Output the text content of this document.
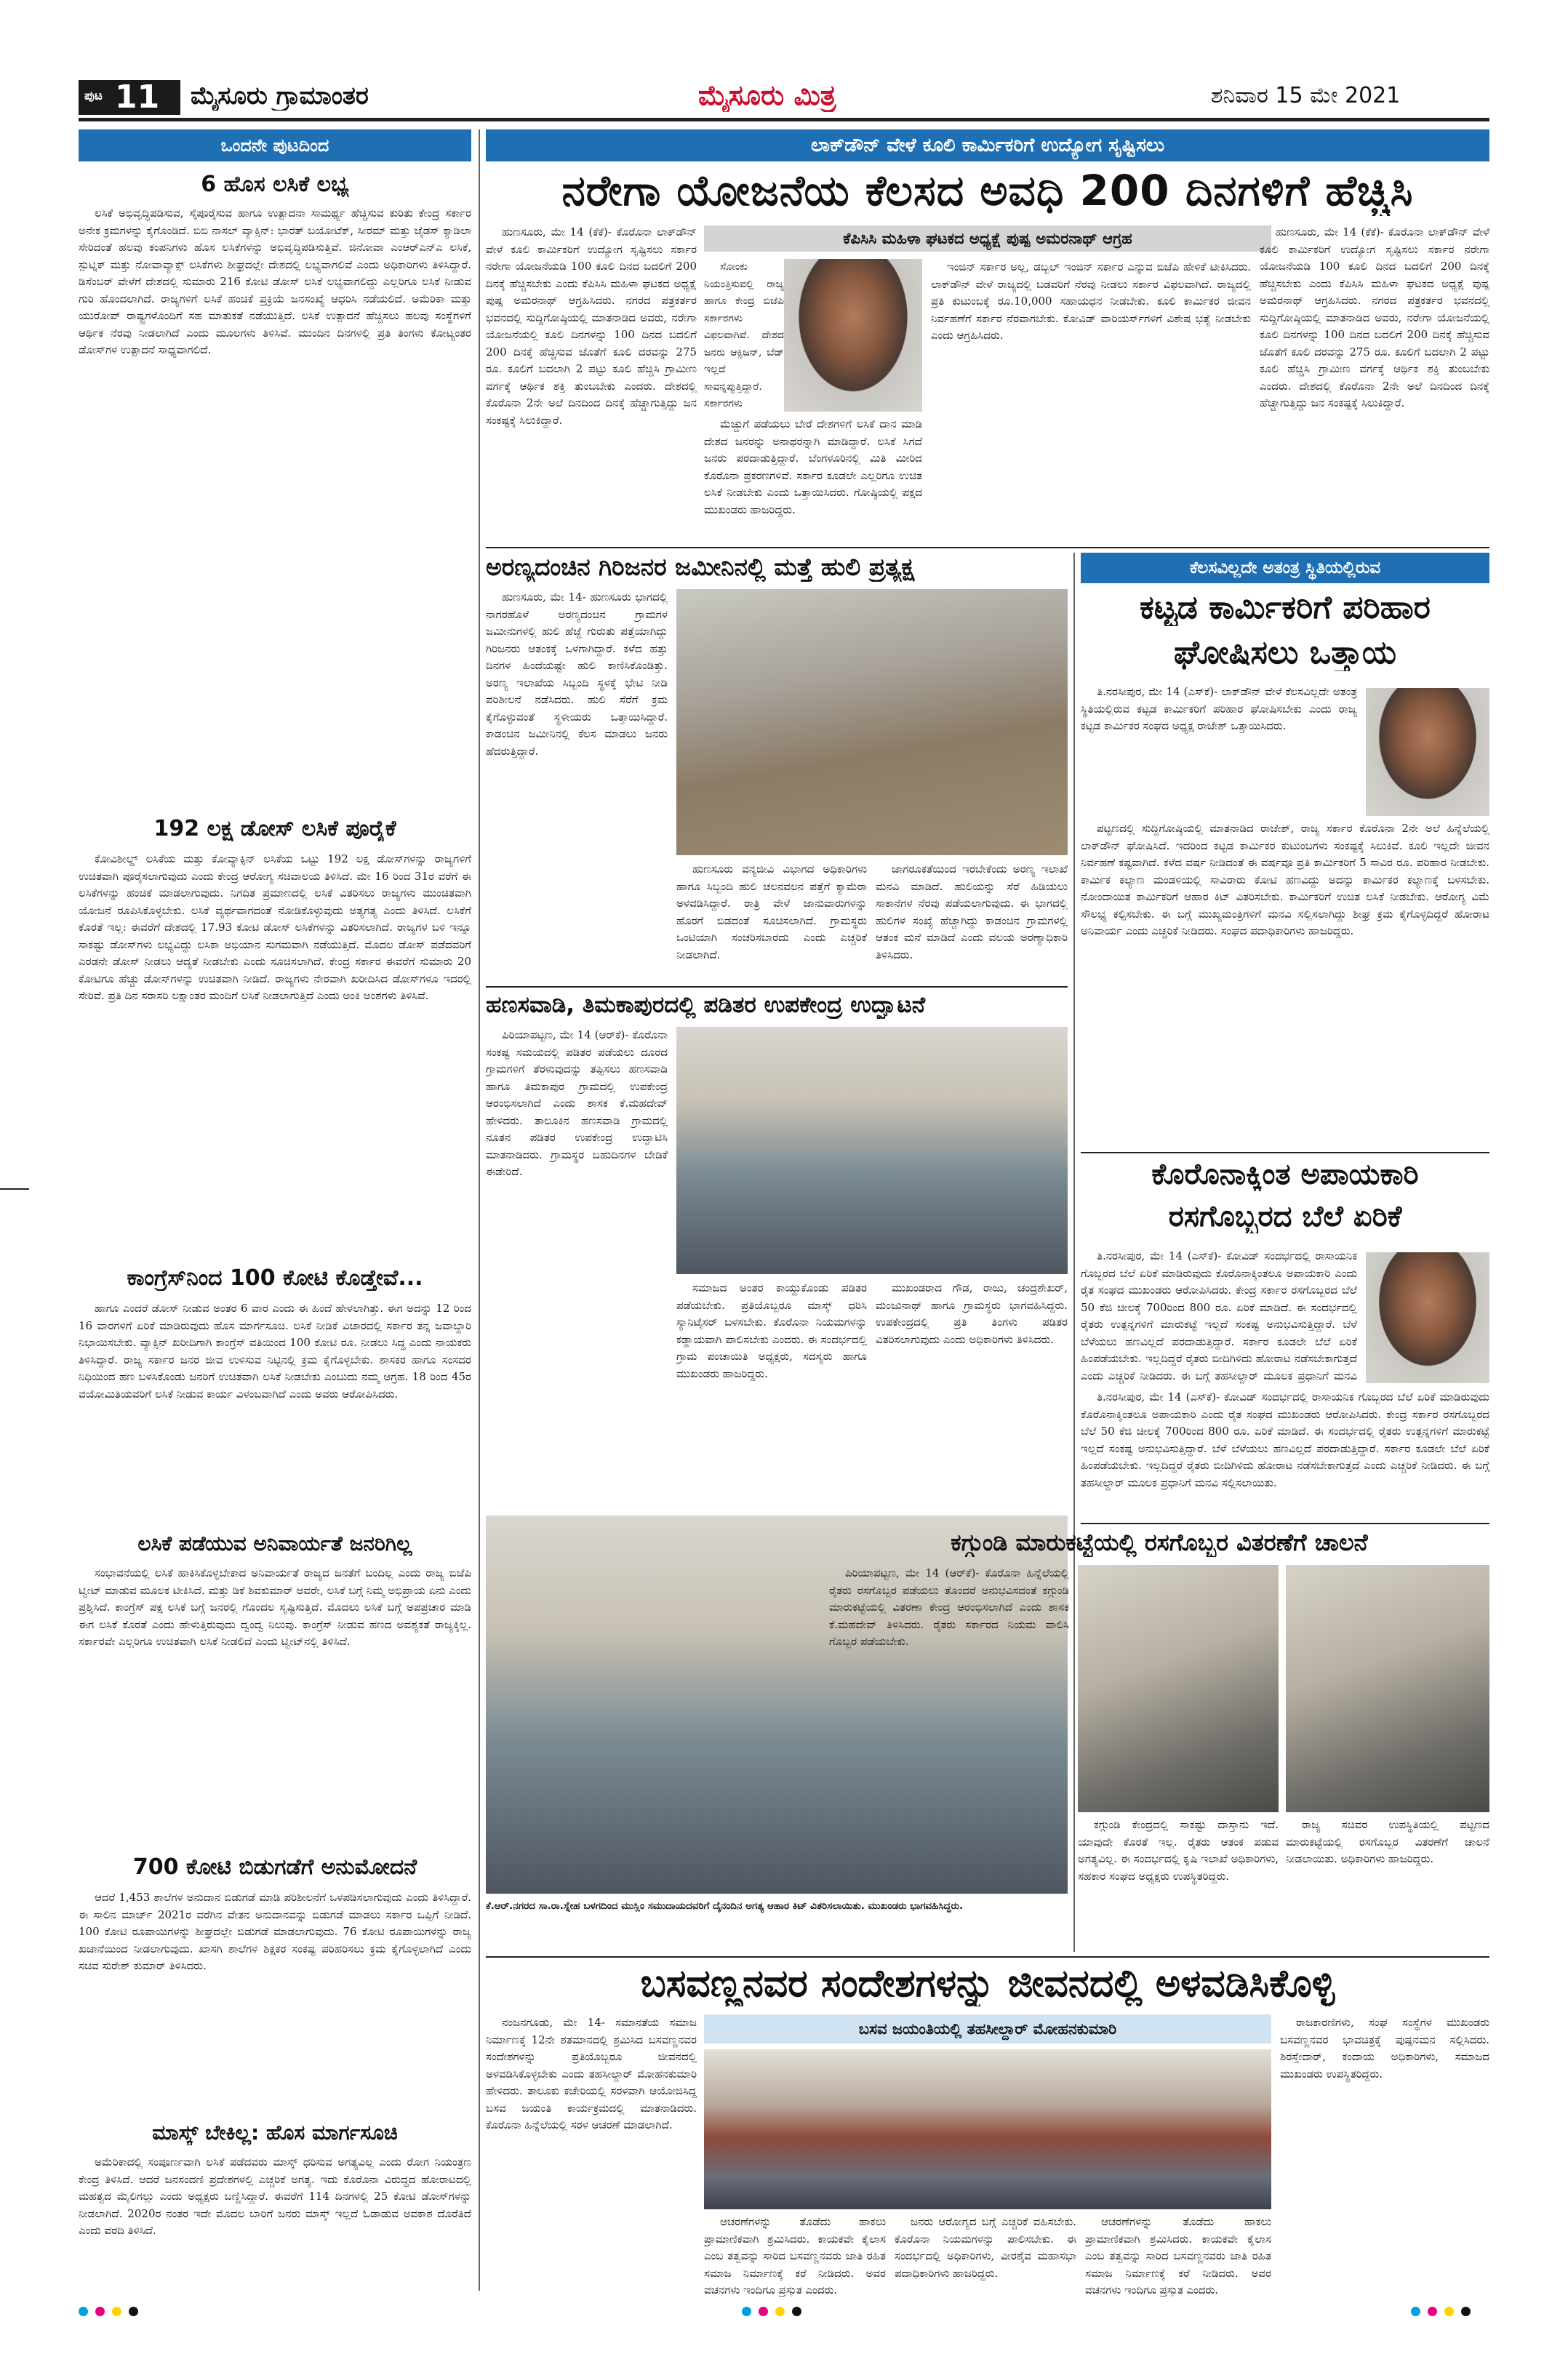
ಪುಟ 11 ಮೈಸೂರು ಗ್ರಾಮಾಂತರ	ಮೈಸೂರು ಮಿತ್ರ	ಶನಿವಾರ 15 ಮೇ 2021
ಒಂದನೇ ಪುಟದಿಂದ
6 ಹೊಸ ಲಸಿಕೆ ಲಭ್ಯ

ಲಸಿಕೆ ಅಭಿವೃದ್ಧಿಪಡಿಸುವ, ಸೈಪೂರೈಸುವ ಹಾಗೂ ಉತ್ಪಾದನಾ ಸಾಮರ್ಥ್ಯ ಹೆಚ್ಚಿಸುವ ಕುರಿತು ಕೇಂದ್ರ ಸರ್ಕಾರ ಅನೇಕ ಕ್ರಮಗಳನ್ನು ಕೈಗೊಂಡಿದೆ. ಬಿಬಿ ನಾಸಲ್ ವ್ಯಾಕ್ಸಿನ್: ಭಾರತ್ ಬಯೋಟೆಕ್, ಸೀರಮ್ ಮತ್ತು ಜೈಡಸ್ ಕ್ಯಾಡಿಲಾ ಸೇರಿದಂತೆ ಹಲವು ಕಂಪನಿಗಳು ಹೊಸ ಲಸಿಕೆಗಳನ್ನು ಅಭಿವೃದ್ಧಿಪಡಿಸುತ್ತಿವೆ. ಜಿನೋವಾ ಎಂಆರ್‌ಎನ್‌ಎ ಲಸಿಕೆ, ಸ್ಪುಟ್ನಿಕ್ ಮತ್ತು ನೋವಾವ್ಯಾಕ್ಸ್ ಲಸಿಕೆಗಳು ಶೀಘ್ರದಲ್ಲೇ ದೇಶದಲ್ಲಿ ಲಭ್ಯವಾಗಲಿವೆ ಎಂದು ಅಧಿಕಾರಿಗಳು ತಿಳಿಸಿದ್ದಾರೆ. ಡಿಸೆಂಬರ್ ವೇಳೆಗೆ ದೇಶದಲ್ಲಿ ಸುಮಾರು 216 ಕೋಟಿ ಡೋಸ್ ಲಸಿಕೆ ಲಭ್ಯವಾಗಲಿದ್ದು ಎಲ್ಲರಿಗೂ ಲಸಿಕೆ ನೀಡುವ ಗುರಿ ಹೊಂದಲಾಗಿದೆ. ರಾಜ್ಯಗಳಿಗೆ ಲಸಿಕೆ ಹಂಚಿಕೆ ಪ್ರಕ್ರಿಯೆ ಜನಸಂಖ್ಯೆ ಆಧರಿಸಿ ನಡೆಯಲಿದೆ. ಅಮೆರಿಕಾ ಮತ್ತು ಯುರೋಪ್ ರಾಷ್ಟ್ರಗಳೊಂದಿಗೆ ಸಹ ಮಾತುಕತೆ ನಡೆಯುತ್ತಿದೆ. ಲಸಿಕೆ ಉತ್ಪಾದನೆ ಹೆಚ್ಚಿಸಲು ಹಲವು ಸಂಸ್ಥೆಗಳಿಗೆ ಆರ್ಥಿಕ ನೆರವು ನೀಡಲಾಗಿದೆ ಎಂದು ಮೂಲಗಳು ತಿಳಿಸಿವೆ. ಮುಂದಿನ ದಿನಗಳಲ್ಲಿ ಪ್ರತಿ ತಿಂಗಳು ಕೋಟ್ಯಂತರ ಡೋಸ್‌ಗಳ ಉತ್ಪಾದನೆ ಸಾಧ್ಯವಾಗಲಿದೆ.

192 ಲಕ್ಷ ಡೋಸ್ ಲಸಿಕೆ ಪೂರೈಕೆ

ಕೋವಿಶೀಲ್ಡ್ ಲಸಿಕೆಯ ಮತ್ತು ಕೋವ್ಯಾಕ್ಸಿನ್ ಲಸಿಕೆಯ ಒಟ್ಟು 192 ಲಕ್ಷ ಡೋಸ್‌ಗಳನ್ನು ರಾಜ್ಯಗಳಿಗೆ ಉಚಿತವಾಗಿ ಪೂರೈಸಲಾಗುವುದು ಎಂದು ಕೇಂದ್ರ ಆರೋಗ್ಯ ಸಚಿವಾಲಯ ತಿಳಿಸಿದೆ. ಮೇ 16 ರಿಂದ 31ರ ವರೆಗೆ ಈ ಲಸಿಕೆಗಳನ್ನು ಹಂಚಿಕೆ ಮಾಡಲಾಗುವುದು. ನಿಗದಿತ ಪ್ರಮಾಣದಲ್ಲಿ ಲಸಿಕೆ ವಿತರಿಸಲು ರಾಜ್ಯಗಳು ಮುಂಚಿತವಾಗಿ ಯೋಜನೆ ರೂಪಿಸಿಕೊಳ್ಳಬೇಕು. ಲಸಿಕೆ ವ್ಯರ್ಥವಾಗದಂತೆ ನೋಡಿಕೊಳ್ಳುವುದು ಅತ್ಯಗತ್ಯ ಎಂದು ತಿಳಿಸಿದೆ. ಲಸಿಕೆಗೆ ಕೊರತೆ ಇಲ್ಲ: ಈವರೆಗೆ ದೇಶದಲ್ಲಿ 17.93 ಕೋಟಿ ಡೋಸ್ ಲಸಿಕೆಗಳನ್ನು ವಿತರಿಸಲಾಗಿದೆ. ರಾಜ್ಯಗಳ ಬಳಿ ಇನ್ನೂ ಸಾಕಷ್ಟು ಡೋಸ್‌ಗಳು ಲಭ್ಯವಿದ್ದು ಲಸಿಕಾ ಅಭಿಯಾನ ಸುಗಮವಾಗಿ ನಡೆಯುತ್ತಿದೆ. ಮೊದಲ ಡೋಸ್ ಪಡೆದವರಿಗೆ ಎರಡನೇ ಡೋಸ್ ನೀಡಲು ಆದ್ಯತೆ ನೀಡಬೇಕು ಎಂದು ಸೂಚಿಸಲಾಗಿದೆ. ಕೇಂದ್ರ ಸರ್ಕಾರ ಈವರೆಗೆ ಸುಮಾರು 20 ಕೋಟಿಗೂ ಹೆಚ್ಚು ಡೋಸ್‌ಗಳನ್ನು ಉಚಿತವಾಗಿ ನೀಡಿದೆ. ರಾಜ್ಯಗಳು ನೇರವಾಗಿ ಖರೀದಿಸಿದ ಡೋಸ್‌ಗಳೂ ಇದರಲ್ಲಿ ಸೇರಿವೆ. ಪ್ರತಿ ದಿನ ಸರಾಸರಿ ಲಕ್ಷಾಂತರ ಮಂದಿಗೆ ಲಸಿಕೆ ನೀಡಲಾಗುತ್ತಿದೆ ಎಂದು ಅಂಕಿ ಅಂಶಗಳು ತಿಳಿಸಿವೆ.

ಕಾಂಗ್ರೆಸ್‌ನಿಂದ 100 ಕೋಟಿ ಕೊಡ್ತೇವೆ...

ಹಾಗೂ ಎಂದರೆ ಡೋಸ್ ನೀಡುವ ಅಂತರ 6 ವಾರ ಎಂದು ಈ ಹಿಂದೆ ಹೇಳಲಾಗಿತ್ತು. ಈಗ ಅದನ್ನು 12 ರಿಂದ 16 ವಾರಗಳಿಗೆ ಏರಿಕೆ ಮಾಡಿರುವುದು ಹೊಸ ಮಾರ್ಗಸೂಚಿ. ಲಸಿಕೆ ನೀಡಿಕೆ ವಿಚಾರದಲ್ಲಿ ಸರ್ಕಾರ ತನ್ನ ಜವಾಬ್ದಾರಿ ನಿಭಾಯಿಸಬೇಕು. ವ್ಯಾಕ್ಸಿನ್ ಖರೀದಿಗಾಗಿ ಕಾಂಗ್ರೆಸ್ ವತಿಯಿಂದ 100 ಕೋಟಿ ರೂ. ನೀಡಲು ಸಿದ್ಧ ಎಂದು ನಾಯಕರು ತಿಳಿಸಿದ್ದಾರೆ. ರಾಜ್ಯ ಸರ್ಕಾರ ಜನರ ಜೀವ ಉಳಿಸುವ ನಿಟ್ಟಿನಲ್ಲಿ ಕ್ರಮ ಕೈಗೊಳ್ಳಬೇಕು. ಶಾಸಕರ ಹಾಗೂ ಸಂಸದರ ನಿಧಿಯಿಂದ ಹಣ ಬಳಸಿಕೊಂಡು ಜನರಿಗೆ ಉಚಿತವಾಗಿ ಲಸಿಕೆ ನೀಡಬೇಕು ಎಂಬುದು ನಮ್ಮ ಆಗ್ರಹ. 18 ರಿಂದ 45ರ ವಯೋಮಿತಿಯವರಿಗೆ ಲಸಿಕೆ ನೀಡುವ ಕಾರ್ಯ ವಿಳಂಬವಾಗಿದೆ ಎಂದು ಅವರು ಆರೋಪಿಸಿದರು.

ಲಸಿಕೆ ಪಡೆಯುವ ಅನಿವಾರ್ಯತೆ ಜನರಿಗಿಲ್ಲ

ಸಂಭಾವನೆಯಲ್ಲಿ ಲಸಿಕೆ ಹಾಕಿಸಿಕೊಳ್ಳಬೇಕಾದ ಅನಿವಾರ್ಯತೆ ರಾಜ್ಯದ ಜನತೆಗೆ ಬಂದಿಲ್ಲ ಎಂದು ರಾಜ್ಯ ಬಿಜೆಪಿ ಟ್ವೀಟ್ ಮಾಡುವ ಮೂಲಕ ಟೀಕಿಸಿದೆ. ಮತ್ತು ಡಿಕೆ ಶಿವಕುಮಾರ್ ಅವರೇ, ಲಸಿಕೆ ಬಗ್ಗೆ ನಿಮ್ಮ ಅಭಿಪ್ರಾಯ ಏನು ಎಂದು ಪ್ರಶ್ನಿಸಿದೆ. ಕಾಂಗ್ರೆಸ್ ಪಕ್ಷ ಲಸಿಕೆ ಬಗ್ಗೆ ಜನರಲ್ಲಿ ಗೊಂದಲ ಸೃಷ್ಟಿಸುತ್ತಿದೆ. ಮೊದಲು ಲಸಿಕೆ ಬಗ್ಗೆ ಅಪಪ್ರಚಾರ ಮಾಡಿ ಈಗ ಲಸಿಕೆ ಕೊರತೆ ಎಂದು ಹೇಳುತ್ತಿರುವುದು ದ್ವಂದ್ವ ನಿಲುವು. ಕಾಂಗ್ರೆಸ್ ನೀಡುವ ಹಣದ ಅವಶ್ಯಕತೆ ರಾಜ್ಯಕ್ಕಿಲ್ಲ. ಸರ್ಕಾರವೇ ಎಲ್ಲರಿಗೂ ಉಚಿತವಾಗಿ ಲಸಿಕೆ ನೀಡಲಿದೆ ಎಂದು ಟ್ವೀಟ್‌ನಲ್ಲಿ ತಿಳಿಸಿದೆ.

700 ಕೋಟಿ ಬಿಡುಗಡೆಗೆ ಅನುಮೋದನೆ

ಆದರೆ 1,453 ಶಾಲೆಗಳ ಅನುದಾನ ಬಿಡುಗಡೆ ಮಾಡಿ ಪರಿಶೀಲನೆಗೆ ಒಳಪಡಿಸಲಾಗುವುದು ಎಂದು ತಿಳಿಸಿದ್ದಾರೆ. ಈ ಸಾಲಿನ ಮಾರ್ಚ್ 2021ರ ವರೆಗಿನ ವೇತನ ಅನುದಾನವನ್ನು ಬಿಡುಗಡೆ ಮಾಡಲು ಸರ್ಕಾರ ಒಪ್ಪಿಗೆ ನೀಡಿದೆ. 100 ಕೋಟಿ ರೂಪಾಯಿಗಳನ್ನು ಶೀಘ್ರದಲ್ಲೇ ಬಿಡುಗಡೆ ಮಾಡಲಾಗುವುದು. 76 ಕೋಟಿ ರೂಪಾಯಿಗಳನ್ನು ರಾಜ್ಯ ಖಜಾನೆಯಿಂದ ನೀಡಲಾಗುವುದು. ಖಾಸಗಿ ಶಾಲೆಗಳ ಶಿಕ್ಷಕರ ಸಂಕಷ್ಟ ಪರಿಹರಿಸಲು ಕ್ರಮ ಕೈಗೊಳ್ಳಲಾಗಿದೆ ಎಂದು ಸಚಿವ ಸುರೇಶ್ ಕುಮಾರ್ ತಿಳಿಸಿದರು.

ಮಾಸ್ಕ್ ಬೇಕಿಲ್ಲ: ಹೊಸ ಮಾರ್ಗಸೂಚಿ

ಅಮೆರಿಕಾದಲ್ಲಿ ಸಂಪೂರ್ಣವಾಗಿ ಲಸಿಕೆ ಪಡೆದವರು ಮಾಸ್ಕ್ ಧರಿಸುವ ಅಗತ್ಯವಿಲ್ಲ ಎಂದು ರೋಗ ನಿಯಂತ್ರಣ ಕೇಂದ್ರ ತಿಳಿಸಿದೆ. ಆದರೆ ಜನಸಂದಣಿ ಪ್ರದೇಶಗಳಲ್ಲಿ ಎಚ್ಚರಿಕೆ ಅಗತ್ಯ. ಇದು ಕೊರೊನಾ ವಿರುದ್ಧದ ಹೋರಾಟದಲ್ಲಿ ಮಹತ್ವದ ಮೈಲಿಗಲ್ಲು ಎಂದು ಅಧ್ಯಕ್ಷರು ಬಣ್ಣಿಸಿದ್ದಾರೆ. ಈವರೆಗೆ 114 ದಿನಗಳಲ್ಲಿ 25 ಕೋಟಿ ಡೋಸ್‌ಗಳನ್ನು ನೀಡಲಾಗಿದೆ. 2020ರ ನಂತರ ಇದೇ ಮೊದಲ ಬಾರಿಗೆ ಜನರು ಮಾಸ್ಕ್ ಇಲ್ಲದೆ ಓಡಾಡುವ ಅವಕಾಶ ದೊರೆತಿದೆ ಎಂದು ವರದಿ ತಿಳಿಸಿದೆ.

ಲಾಕ್‌ಡೌನ್ ವೇಳೆ ಕೂಲಿ ಕಾರ್ಮಿಕರಿಗೆ ಉದ್ಯೋಗ ಸೃಷ್ಟಿಸಲು
ನರೇಗಾ ಯೋಜನೆಯ ಕೆಲಸದ ಅವಧಿ 200 ದಿನಗಳಿಗೆ ಹೆಚ್ಚಿಸಿ
ಕೆಪಿಸಿಸಿ ಮಹಿಳಾ ಘಟಕದ ಅಧ್ಯಕ್ಷೆ ಪುಷ್ಪ ಅಮರನಾಥ್ ಆಗ್ರಹ

ಹುಣಸೂರು, ಮೇ 14 (ಕೆಕೆ)- ಕೊರೊನಾ ಲಾಕ್‌ಡೌನ್ ವೇಳೆ ಕೂಲಿ ಕಾರ್ಮಿಕರಿಗೆ ಉದ್ಯೋಗ ಸೃಷ್ಟಿಸಲು ಸರ್ಕಾರ ನರೇಗಾ ಯೋಜನೆಯಡಿ 100 ಕೂಲಿ ದಿನದ ಬದಲಿಗೆ 200 ದಿನಕ್ಕೆ ಹೆಚ್ಚಿಸಬೇಕು ಎಂದು ಕೆಪಿಸಿಸಿ ಮಹಿಳಾ ಘಟಕದ ಅಧ್ಯಕ್ಷೆ ಪುಷ್ಪ ಅಮರನಾಥ್ ಆಗ್ರಹಿಸಿದರು. ನಗರದ ಪತ್ರಕರ್ತರ ಭವನದಲ್ಲಿ ಸುದ್ದಿಗೋಷ್ಠಿಯಲ್ಲಿ ಮಾತನಾಡಿದ ಅವರು, ನರೇಗಾ ಯೋಜನೆಯಲ್ಲಿ ಕೂಲಿ ದಿನಗಳನ್ನು 100 ದಿನದ ಬದಲಿಗೆ 200 ದಿನಕ್ಕೆ ಹೆಚ್ಚಿಸುವ ಜೊತೆಗೆ ಕೂಲಿ ದರವನ್ನು 275 ರೂ. ಕೂಲಿಗೆ ಬದಲಾಗಿ 2 ಪಟ್ಟು ಕೂಲಿ ಹೆಚ್ಚಿಸಿ ಗ್ರಾಮೀಣ ವರ್ಗಕ್ಕೆ ಆರ್ಥಿಕ ಶಕ್ತಿ ತುಂಬಬೇಕು ಎಂದರು. ದೇಶದಲ್ಲಿ ಕೊರೊನಾ 2ನೇ ಅಲೆ ದಿನದಿಂದ ದಿನಕ್ಕೆ ಹೆಚ್ಚಾಗುತ್ತಿದ್ದು ಜನ ಸಂಕಷ್ಟಕ್ಕೆ ಸಿಲುಕಿದ್ದಾರೆ.

ಸೋಂಕು ನಿಯಂತ್ರಿಸುವಲ್ಲಿ ರಾಜ್ಯ ಹಾಗೂ ಕೇಂದ್ರ ಬಿಜೆಪಿ ಸರ್ಕಾರಗಳು ವಿಫಲವಾಗಿವೆ. ದೇಶದ ಜನರು ಆಕ್ಸಿಜನ್, ಬೆಡ್ ಇಲ್ಲದೆ ಸಾವನ್ನಪ್ಪುತ್ತಿದ್ದಾರೆ. ಸರ್ಕಾರಗಳು

ಮೆಚ್ಚುಗೆ ಪಡೆಯಲು ಬೇರೆ ದೇಶಗಳಿಗೆ ಲಸಿಕೆ ದಾನ ಮಾಡಿ ದೇಶದ ಜನರನ್ನು ಅನಾಥರನ್ನಾಗಿ ಮಾಡಿದ್ದಾರೆ. ಲಸಿಕೆ ಸಿಗದೆ ಜನರು ಪರದಾಡುತ್ತಿದ್ದಾರೆ. ಬೆಂಗಳೂರಿನಲ್ಲಿ ಮಿತಿ ಮೀರಿದ ಕೊರೊನಾ ಪ್ರಕರಣಗಳಿವೆ. ಸರ್ಕಾರ ಕೂಡಲೇ ಎಲ್ಲರಿಗೂ ಉಚಿತ ಲಸಿಕೆ ನೀಡಬೇಕು ಎಂದು ಒತ್ತಾಯಿಸಿದರು. ಗೋಷ್ಠಿಯಲ್ಲಿ ಪಕ್ಷದ ಮುಖಂಡರು ಹಾಜರಿದ್ದರು.

ಇಂಜಿನ್ ಸರ್ಕಾರ ಅಲ್ಲ, ಡಬ್ಬಲ್ ಇಂಜಿನ್ ಸರ್ಕಾರ ಎನ್ನುವ ಬಿಜೆಪಿ ಹೇಳಿಕೆ ಟೀಕಿಸಿದರು. ಲಾಕ್‌ಡೌನ್ ವೇಳೆ ರಾಜ್ಯದಲ್ಲಿ ಬಡವರಿಗೆ ನೆರವು ನೀಡಲು ಸರ್ಕಾರ ವಿಫಲವಾಗಿದೆ. ರಾಜ್ಯದಲ್ಲಿ ಪ್ರತಿ ಕುಟುಂಬಕ್ಕೆ ರೂ.10,000 ಸಹಾಯಧನ ನೀಡಬೇಕು. ಕೂಲಿ ಕಾರ್ಮಿಕರ ಜೀವನ ನಿರ್ವಹಣೆಗೆ ಸರ್ಕಾರ ನೆರವಾಗಬೇಕು. ಕೋವಿಡ್ ವಾರಿಯರ್ಸ್‌ಗಳಿಗೆ ವಿಶೇಷ ಭತ್ಯೆ ನೀಡಬೇಕು ಎಂದು ಆಗ್ರಹಿಸಿದರು.

ಹುಣಸೂರು, ಮೇ 14 (ಕೆಕೆ)- ಕೊರೊನಾ ಲಾಕ್‌ಡೌನ್ ವೇಳೆ ಕೂಲಿ ಕಾರ್ಮಿಕರಿಗೆ ಉದ್ಯೋಗ ಸೃಷ್ಟಿಸಲು ಸರ್ಕಾರ ನರೇಗಾ ಯೋಜನೆಯಡಿ 100 ಕೂಲಿ ದಿನದ ಬದಲಿಗೆ 200 ದಿನಕ್ಕೆ ಹೆಚ್ಚಿಸಬೇಕು ಎಂದು ಕೆಪಿಸಿಸಿ ಮಹಿಳಾ ಘಟಕದ ಅಧ್ಯಕ್ಷೆ ಪುಷ್ಪ ಅಮರನಾಥ್ ಆಗ್ರಹಿಸಿದರು. ನಗರದ ಪತ್ರಕರ್ತರ ಭವನದಲ್ಲಿ ಸುದ್ದಿಗೋಷ್ಠಿಯಲ್ಲಿ ಮಾತನಾಡಿದ ಅವರು, ನರೇಗಾ ಯೋಜನೆಯಲ್ಲಿ ಕೂಲಿ ದಿನಗಳನ್ನು 100 ದಿನದ ಬದಲಿಗೆ 200 ದಿನಕ್ಕೆ ಹೆಚ್ಚಿಸುವ ಜೊತೆಗೆ ಕೂಲಿ ದರವನ್ನು 275 ರೂ. ಕೂಲಿಗೆ ಬದಲಾಗಿ 2 ಪಟ್ಟು ಕೂಲಿ ಹೆಚ್ಚಿಸಿ ಗ್ರಾಮೀಣ ವರ್ಗಕ್ಕೆ ಆರ್ಥಿಕ ಶಕ್ತಿ ತುಂಬಬೇಕು ಎಂದರು. ದೇಶದಲ್ಲಿ ಕೊರೊನಾ 2ನೇ ಅಲೆ ದಿನದಿಂದ ದಿನಕ್ಕೆ ಹೆಚ್ಚಾಗುತ್ತಿದ್ದು ಜನ ಸಂಕಷ್ಟಕ್ಕೆ ಸಿಲುಕಿದ್ದಾರೆ.

ಅರಣ್ಯದಂಚಿನ ಗಿರಿಜನರ ಜಮೀನಿನಲ್ಲಿ ಮತ್ತೆ ಹುಲಿ ಪ್ರತ್ಯಕ್ಷ

ಹುಣಸೂರು, ಮೇ 14- ಹುಣಸೂರು ಭಾಗದಲ್ಲಿ ನಾಗರಹೊಳೆ ಅರಣ್ಯದಂಚಿನ ಗ್ರಾಮಗಳ ಜಮೀನುಗಳಲ್ಲಿ ಹುಲಿ ಹೆಜ್ಜೆ ಗುರುತು ಪತ್ತೆಯಾಗಿದ್ದು ಗಿರಿಜನರು ಆತಂಕಕ್ಕೆ ಒಳಗಾಗಿದ್ದಾರೆ. ಕಳೆದ ಹತ್ತು ದಿನಗಳ ಹಿಂದೆಯಷ್ಟೇ ಹುಲಿ ಕಾಣಿಸಿಕೊಂಡಿತ್ತು. ಅರಣ್ಯ ಇಲಾಖೆಯ ಸಿಬ್ಬಂದಿ ಸ್ಥಳಕ್ಕೆ ಭೇಟಿ ನೀಡಿ ಪರಿಶೀಲನೆ ನಡೆಸಿದರು. ಹುಲಿ ಸೆರೆಗೆ ಕ್ರಮ ಕೈಗೊಳ್ಳುವಂತೆ ಸ್ಥಳೀಯರು ಒತ್ತಾಯಿಸಿದ್ದಾರೆ. ಕಾಡಂಚಿನ ಜಮೀನಿನಲ್ಲಿ ಕೆಲಸ ಮಾಡಲು ಜನರು ಹೆದರುತ್ತಿದ್ದಾರೆ.

ಹುಣಸೂರು ವನ್ಯಜೀವಿ ವಿಭಾಗದ ಅಧಿಕಾರಿಗಳು ಹಾಗೂ ಸಿಬ್ಬಂದಿ ಹುಲಿ ಚಲನವಲನ ಪತ್ತೆಗೆ ಕ್ಯಾಮೆರಾ ಅಳವಡಿಸಿದ್ದಾರೆ. ರಾತ್ರಿ ವೇಳೆ ಜಾನುವಾರುಗಳನ್ನು ಹೊರಗೆ ಬಿಡದಂತೆ ಸೂಚಿಸಲಾಗಿದೆ. ಗ್ರಾಮಸ್ಥರು ಒಂಟಿಯಾಗಿ ಸಂಚರಿಸಬಾರದು ಎಂದು ಎಚ್ಚರಿಕೆ ನೀಡಲಾಗಿದೆ.

ಜಾಗರೂಕತೆಯಿಂದ ಇರಬೇಕೆಂದು ಅರಣ್ಯ ಇಲಾಖೆ ಮನವಿ ಮಾಡಿದೆ. ಹುಲಿಯನ್ನು ಸೆರೆ ಹಿಡಿಯಲು ಸಾಕಾನೆಗಳ ನೆರವು ಪಡೆಯಲಾಗುವುದು. ಈ ಭಾಗದಲ್ಲಿ ಹುಲಿಗಳ ಸಂಖ್ಯೆ ಹೆಚ್ಚಾಗಿದ್ದು ಕಾಡಂಚಿನ ಗ್ರಾಮಗಳಲ್ಲಿ ಆತಂಕ ಮನೆ ಮಾಡಿದೆ ಎಂದು ವಲಯ ಅರಣ್ಯಾಧಿಕಾರಿ ತಿಳಿಸಿದರು.

ಹಣಸವಾಡಿ, ತಿಮಕಾಪುರದಲ್ಲಿ ಪಡಿತರ ಉಪಕೇಂದ್ರ ಉದ್ಘಾಟನೆ

ಪಿರಿಯಾಪಟ್ಟಣ, ಮೇ 14 (ಆರ್‌ಕೆ)- ಕೊರೊನಾ ಸಂಕಷ್ಟ ಸಮಯದಲ್ಲಿ ಪಡಿತರ ಪಡೆಯಲು ದೂರದ ಗ್ರಾಮಗಳಿಗೆ ತೆರಳುವುದನ್ನು ತಪ್ಪಿಸಲು ಹಣಸವಾಡಿ ಹಾಗೂ ತಿಮಕಾಪುರ ಗ್ರಾಮದಲ್ಲಿ ಉಪಕೇಂದ್ರ ಆರಂಭಿಸಲಾಗಿದೆ ಎಂದು ಶಾಸಕ ಕೆ.ಮಹದೇವ್ ಹೇಳಿದರು. ತಾಲೂಕಿನ ಹಣಸವಾಡಿ ಗ್ರಾಮದಲ್ಲಿ ನೂತನ ಪಡಿತರ ಉಪಕೇಂದ್ರ ಉದ್ಘಾಟಿಸಿ ಮಾತನಾಡಿದರು. ಗ್ರಾಮಸ್ಥರ ಬಹುದಿನಗಳ ಬೇಡಿಕೆ ಈಡೇರಿದೆ.

ಸಮಾಜದ ಅಂತರ ಕಾಯ್ದುಕೊಂಡು ಪಡಿತರ ಪಡೆಯಬೇಕು. ಪ್ರತಿಯೊಬ್ಬರೂ ಮಾಸ್ಕ್ ಧರಿಸಿ ಸ್ಯಾನಿಟೈಸರ್ ಬಳಸಬೇಕು. ಕೊರೊನಾ ನಿಯಮಗಳನ್ನು ಕಡ್ಡಾಯವಾಗಿ ಪಾಲಿಸಬೇಕು ಎಂದರು. ಈ ಸಂದರ್ಭದಲ್ಲಿ ಗ್ರಾಮ ಪಂಚಾಯಿತಿ ಅಧ್ಯಕ್ಷರು, ಸದಸ್ಯರು ಹಾಗೂ ಮುಖಂಡರು ಹಾಜರಿದ್ದರು.

ಮುಖಂಡರಾದ ಗೌಡ, ರಾಜು, ಚಂದ್ರಶೇಖರ್, ಮಂಜುನಾಥ್ ಹಾಗೂ ಗ್ರಾಮಸ್ಥರು ಭಾಗವಹಿಸಿದ್ದರು. ಉಪಕೇಂದ್ರದಲ್ಲಿ ಪ್ರತಿ ತಿಂಗಳು ಪಡಿತರ ವಿತರಿಸಲಾಗುವುದು ಎಂದು ಅಧಿಕಾರಿಗಳು ತಿಳಿಸಿದರು.

ಕೆ.ಆರ್.ನಗರದ ಸಾ.ರಾ.ಸ್ನೇಹ ಬಳಗದಿಂದ ಮುಸ್ಲಿಂ ಸಮುದಾಯದವರಿಗೆ ದೈನಂದಿನ ಅಗತ್ಯ ಆಹಾರ ಕಿಟ್ ವಿತರಿಸಲಾಯಿತು. ಮುಖಂಡರು ಭಾಗವಹಿಸಿದ್ದರು.
ಕೆಲಸವಿಲ್ಲದೇ ಅತಂತ್ರ ಸ್ಥಿತಿಯಲ್ಲಿರುವ
ಕಟ್ಟಡ ಕಾರ್ಮಿಕರಿಗೆ ಪರಿಹಾರ
ಘೋಷಿಸಲು ಒತ್ತಾಯ

ತಿ.ನರಸೀಪುರ, ಮೇ 14 (ಎಸ್‌ಕೆ)- ಲಾಕ್‌ಡೌನ್ ವೇಳೆ ಕೆಲಸವಿಲ್ಲದೇ ಅತಂತ್ರ ಸ್ಥಿತಿಯಲ್ಲಿರುವ ಕಟ್ಟಡ ಕಾರ್ಮಿಕರಿಗೆ ಪರಿಹಾರ ಘೋಷಿಸಬೇಕು ಎಂದು ರಾಜ್ಯ ಕಟ್ಟಡ ಕಾರ್ಮಿಕರ ಸಂಘದ ಅಧ್ಯಕ್ಷ ರಾಜೇಶ್ ಒತ್ತಾಯಿಸಿದರು.

ಪಟ್ಟಣದಲ್ಲಿ ಸುದ್ದಿಗೋಷ್ಠಿಯಲ್ಲಿ ಮಾತನಾಡಿದ ರಾಜೇಶ್, ರಾಜ್ಯ ಸರ್ಕಾರ ಕೊರೊನಾ 2ನೇ ಅಲೆ ಹಿನ್ನೆಲೆಯಲ್ಲಿ ಲಾಕ್‌ಡೌನ್ ಘೋಷಿಸಿದೆ. ಇದರಿಂದ ಕಟ್ಟಡ ಕಾರ್ಮಿಕರ ಕುಟುಂಬಗಳು ಸಂಕಷ್ಟಕ್ಕೆ ಸಿಲುಕಿವೆ. ಕೂಲಿ ಇಲ್ಲದೇ ಜೀವನ ನಿರ್ವಹಣೆ ಕಷ್ಟವಾಗಿದೆ. ಕಳೆದ ವರ್ಷ ನೀಡಿದಂತೆ ಈ ವರ್ಷವೂ ಪ್ರತಿ ಕಾರ್ಮಿಕರಿಗೆ 5 ಸಾವಿರ ರೂ. ಪರಿಹಾರ ನೀಡಬೇಕು. ಕಾರ್ಮಿಕ ಕಲ್ಯಾಣ ಮಂಡಳಿಯಲ್ಲಿ ಸಾವಿರಾರು ಕೋಟಿ ಹಣವಿದ್ದು ಅದನ್ನು ಕಾರ್ಮಿಕರ ಕಲ್ಯಾಣಕ್ಕೆ ಬಳಸಬೇಕು. ನೋಂದಾಯಿತ ಕಾರ್ಮಿಕರಿಗೆ ಆಹಾರ ಕಿಟ್ ವಿತರಿಸಬೇಕು. ಕಾರ್ಮಿಕರಿಗೆ ಉಚಿತ ಲಸಿಕೆ ನೀಡಬೇಕು. ಆರೋಗ್ಯ ವಿಮೆ ಸೌಲಭ್ಯ ಕಲ್ಪಿಸಬೇಕು. ಈ ಬಗ್ಗೆ ಮುಖ್ಯಮಂತ್ರಿಗಳಿಗೆ ಮನವಿ ಸಲ್ಲಿಸಲಾಗಿದ್ದು ಶೀಘ್ರ ಕ್ರಮ ಕೈಗೊಳ್ಳದಿದ್ದರೆ ಹೋರಾಟ ಅನಿವಾರ್ಯ ಎಂದು ಎಚ್ಚರಿಕೆ ನೀಡಿದರು. ಸಂಘದ ಪದಾಧಿಕಾರಿಗಳು ಹಾಜರಿದ್ದರು.

ಕೊರೊನಾಕ್ಕಿಂತ ಅಪಾಯಕಾರಿ
ರಸಗೊಬ್ಬರದ ಬೆಲೆ ಏರಿಕೆ

ತಿ.ನರಸೀಪುರ, ಮೇ 14 (ಎಸ್‌ಕೆ)- ಕೋವಿಡ್ ಸಂದರ್ಭದಲ್ಲಿ ರಾಸಾಯನಿಕ ಗೊಬ್ಬರದ ಬೆಲೆ ಏರಿಕೆ ಮಾಡಿರುವುದು ಕೊರೊನಾಕ್ಕಿಂತಲೂ ಅಪಾಯಕಾರಿ ಎಂದು ರೈತ ಸಂಘದ ಮುಖಂಡರು ಆರೋಪಿಸಿದರು. ಕೇಂದ್ರ ಸರ್ಕಾರ ರಸಗೊಬ್ಬರದ ಬೆಲೆ 50 ಕೆಜಿ ಚೀಲಕ್ಕೆ 700ರಿಂದ 800 ರೂ. ಏರಿಕೆ ಮಾಡಿದೆ. ಈ ಸಂದರ್ಭದಲ್ಲಿ ರೈತರು ಉತ್ಪನ್ನಗಳಿಗೆ ಮಾರುಕಟ್ಟೆ ಇಲ್ಲದೆ ಸಂಕಷ್ಟ ಅನುಭವಿಸುತ್ತಿದ್ದಾರೆ. ಬೆಳೆ ಬೆಳೆಯಲು ಹಣವಿಲ್ಲದೆ ಪರದಾಡುತ್ತಿದ್ದಾರೆ. ಸರ್ಕಾರ ಕೂಡಲೇ ಬೆಲೆ ಏರಿಕೆ ಹಿಂಪಡೆಯಬೇಕು. ಇಲ್ಲದಿದ್ದರೆ ರೈತರು ಬೀದಿಗಿಳಿದು ಹೋರಾಟ ನಡೆಸಬೇಕಾಗುತ್ತದೆ ಎಂದು ಎಚ್ಚರಿಕೆ ನೀಡಿದರು. ಈ ಬಗ್ಗೆ ತಹಸೀಲ್ದಾರ್ ಮೂಲಕ ಪ್ರಧಾನಿಗೆ ಮನವಿ

ತಿ.ನರಸೀಪುರ, ಮೇ 14 (ಎಸ್‌ಕೆ)- ಕೋವಿಡ್ ಸಂದರ್ಭದಲ್ಲಿ ರಾಸಾಯನಿಕ ಗೊಬ್ಬರದ ಬೆಲೆ ಏರಿಕೆ ಮಾಡಿರುವುದು ಕೊರೊನಾಕ್ಕಿಂತಲೂ ಅಪಾಯಕಾರಿ ಎಂದು ರೈತ ಸಂಘದ ಮುಖಂಡರು ಆರೋಪಿಸಿದರು. ಕೇಂದ್ರ ಸರ್ಕಾರ ರಸಗೊಬ್ಬರದ ಬೆಲೆ 50 ಕೆಜಿ ಚೀಲಕ್ಕೆ 700ರಿಂದ 800 ರೂ. ಏರಿಕೆ ಮಾಡಿದೆ. ಈ ಸಂದರ್ಭದಲ್ಲಿ ರೈತರು ಉತ್ಪನ್ನಗಳಿಗೆ ಮಾರುಕಟ್ಟೆ ಇಲ್ಲದೆ ಸಂಕಷ್ಟ ಅನುಭವಿಸುತ್ತಿದ್ದಾರೆ. ಬೆಳೆ ಬೆಳೆಯಲು ಹಣವಿಲ್ಲದೆ ಪರದಾಡುತ್ತಿದ್ದಾರೆ. ಸರ್ಕಾರ ಕೂಡಲೇ ಬೆಲೆ ಏರಿಕೆ ಹಿಂಪಡೆಯಬೇಕು. ಇಲ್ಲದಿದ್ದರೆ ರೈತರು ಬೀದಿಗಿಳಿದು ಹೋರಾಟ ನಡೆಸಬೇಕಾಗುತ್ತದೆ ಎಂದು ಎಚ್ಚರಿಕೆ ನೀಡಿದರು. ಈ ಬಗ್ಗೆ ತಹಸೀಲ್ದಾರ್ ಮೂಲಕ ಪ್ರಧಾನಿಗೆ ಮನವಿ ಸಲ್ಲಿಸಲಾಯಿತು.

ಕಗ್ಗುಂಡಿ ಮಾರುಕಟ್ಟೆಯಲ್ಲಿ ರಸಗೊಬ್ಬರ ವಿತರಣೆಗೆ ಚಾಲನೆ

ಪಿರಿಯಾಪಟ್ಟಣ, ಮೇ 14 (ಆರ್‌ಕೆ)- ಕೊರೊನಾ ಹಿನ್ನೆಲೆಯಲ್ಲಿ ರೈತರು ರಸಗೊಬ್ಬರ ಪಡೆಯಲು ತೊಂದರೆ ಅನುಭವಿಸದಂತೆ ಕಗ್ಗುಂಡಿ ಮಾರುಕಟ್ಟೆಯಲ್ಲಿ ವಿತರಣಾ ಕೇಂದ್ರ ಆರಂಭಿಸಲಾಗಿದೆ ಎಂದು ಶಾಸಕ ಕೆ.ಮಹದೇವ್ ತಿಳಿಸಿದರು. ರೈತರು ಸರ್ಕಾರದ ನಿಯಮ ಪಾಲಿಸಿ ಗೊಬ್ಬರ ಪಡೆಯಬೇಕು.

ಕಗ್ಗುಂಡಿ ಕೇಂದ್ರದಲ್ಲಿ ಸಾಕಷ್ಟು ದಾಸ್ತಾನು ಇದೆ. ಯಾವುದೇ ಕೊರತೆ ಇಲ್ಲ. ರೈತರು ಆತಂಕ ಪಡುವ ಅಗತ್ಯವಿಲ್ಲ. ಈ ಸಂದರ್ಭದಲ್ಲಿ ಕೃಷಿ ಇಲಾಖೆ ಅಧಿಕಾರಿಗಳು, ಸಹಕಾರ ಸಂಘದ ಅಧ್ಯಕ್ಷರು ಉಪಸ್ಥಿತರಿದ್ದರು.

ರಾಜ್ಯ ಸಚಿವರ ಉಪಸ್ಥಿತಿಯಲ್ಲಿ ಪಟ್ಟಣದ ಮಾರುಕಟ್ಟೆಯಲ್ಲಿ ರಸಗೊಬ್ಬರ ವಿತರಣೆಗೆ ಚಾಲನೆ ನೀಡಲಾಯಿತು. ಅಧಿಕಾರಿಗಳು ಹಾಜರಿದ್ದರು.

ಬಸವಣ್ಣನವರ ಸಂದೇಶಗಳನ್ನು ಜೀವನದಲ್ಲಿ ಅಳವಡಿಸಿಕೊಳ್ಳಿ
ಬಸವ ಜಯಂತಿಯಲ್ಲಿ ತಹಸೀಲ್ದಾರ್ ಮೋಹನಕುಮಾರಿ

ನಂಜನಗೂಡು, ಮೇ 14- ಸಮಾನತೆಯ ಸಮಾಜ ನಿರ್ಮಾಣಕ್ಕೆ 12ನೇ ಶತಮಾನದಲ್ಲಿ ಶ್ರಮಿಸಿದ ಬಸವಣ್ಣನವರ ಸಂದೇಶಗಳನ್ನು ಪ್ರತಿಯೊಬ್ಬರೂ ಜೀವನದಲ್ಲಿ ಅಳವಡಿಸಿಕೊಳ್ಳಬೇಕು ಎಂದು ತಹಸೀಲ್ದಾರ್ ಮೋಹನಕುಮಾರಿ ಹೇಳಿದರು. ತಾಲೂಕು ಕಚೇರಿಯಲ್ಲಿ ಸರಳವಾಗಿ ಆಯೋಜಿಸಿದ್ದ ಬಸವ ಜಯಂತಿ ಕಾರ್ಯಕ್ರಮದಲ್ಲಿ ಮಾತನಾಡಿದರು. ಕೊರೊನಾ ಹಿನ್ನೆಲೆಯಲ್ಲಿ ಸರಳ ಆಚರಣೆ ಮಾಡಲಾಗಿದೆ.

ಆಚರಣೆಗಳನ್ನು ತೊಡೆದು ಹಾಕಲು ಪ್ರಾಮಾಣಿಕವಾಗಿ ಶ್ರಮಿಸಿದರು. ಕಾಯಕವೇ ಕೈಲಾಸ ಎಂಬ ತತ್ವವನ್ನು ಸಾರಿದ ಬಸವಣ್ಣನವರು ಜಾತಿ ರಹಿತ ಸಮಾಜ ನಿರ್ಮಾಣಕ್ಕೆ ಕರೆ ನೀಡಿದರು. ಅವರ ವಚನಗಳು ಇಂದಿಗೂ ಪ್ರಸ್ತುತ ಎಂದರು.

ಜನರು ಆರೋಗ್ಯದ ಬಗ್ಗೆ ಎಚ್ಚರಿಕೆ ವಹಿಸಬೇಕು. ಕೊರೊನಾ ನಿಯಮಗಳನ್ನು ಪಾಲಿಸಬೇಕು. ಈ ಸಂದರ್ಭದಲ್ಲಿ ಅಧಿಕಾರಿಗಳು, ವೀರಶೈವ ಮಹಾಸಭಾ ಪದಾಧಿಕಾರಿಗಳು ಹಾಜರಿದ್ದರು.

ಆಚರಣೆಗಳನ್ನು ತೊಡೆದು ಹಾಕಲು ಪ್ರಾಮಾಣಿಕವಾಗಿ ಶ್ರಮಿಸಿದರು. ಕಾಯಕವೇ ಕೈಲಾಸ ಎಂಬ ತತ್ವವನ್ನು ಸಾರಿದ ಬಸವಣ್ಣನವರು ಜಾತಿ ರಹಿತ ಸಮಾಜ ನಿರ್ಮಾಣಕ್ಕೆ ಕರೆ ನೀಡಿದರು. ಅವರ ವಚನಗಳು ಇಂದಿಗೂ ಪ್ರಸ್ತುತ ಎಂದರು.

ರಾಜಕಾರಣಿಗಳು, ಸಂಘ ಸಂಸ್ಥೆಗಳ ಮುಖಂಡರು ಬಸವಣ್ಣನವರ ಭಾವಚಿತ್ರಕ್ಕೆ ಪುಷ್ಪನಮನ ಸಲ್ಲಿಸಿದರು. ಶಿರಸ್ತೇದಾರ್, ಕಂದಾಯ ಅಧಿಕಾರಿಗಳು, ಸಮಾಜದ ಮುಖಂಡರು ಉಪಸ್ಥಿತರಿದ್ದರು.
